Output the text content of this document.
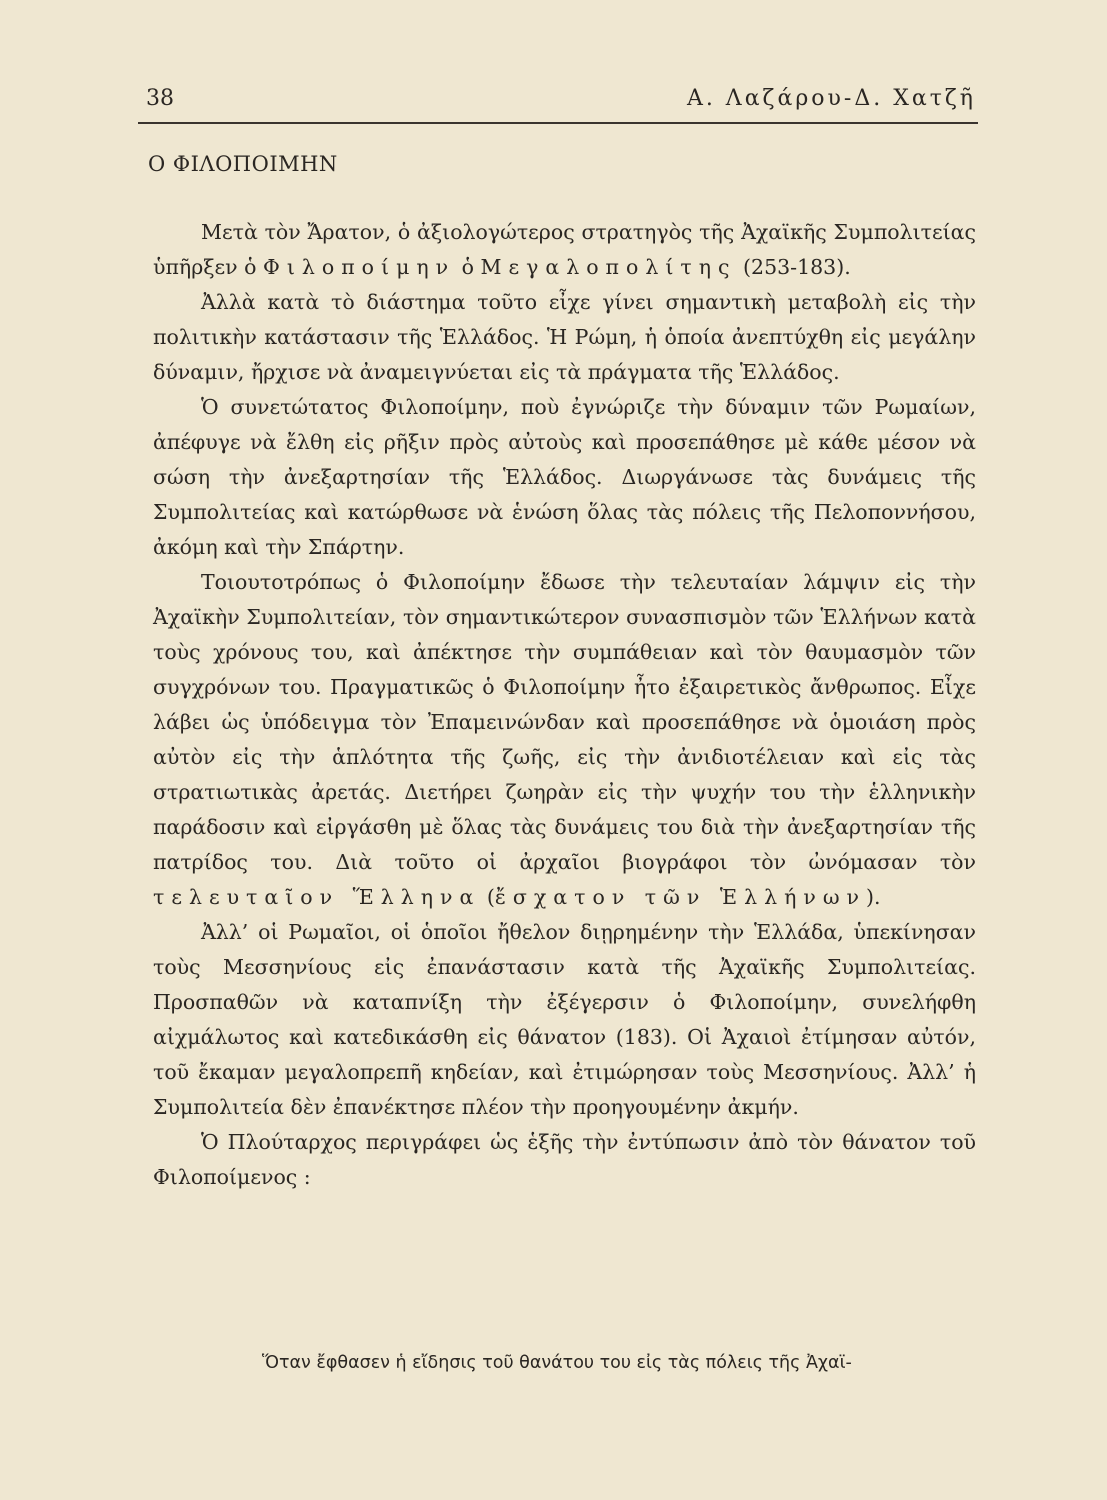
38	Α. Λαζάρου-Δ. Χατζῆ
Ο ΦΙΛΟΠΟΙΜΗΝ

Μετὰ τὸν Ἄρατον, ὁ ἀξιολογώτερος στρατηγὸς τῆς Ἀχαϊκῆς Συμπολιτείας ὑπῆρξεν ὁ Φιλοποίμην ὁ Μεγαλοπολίτης (253-183).

Ἀλλὰ κατὰ τὸ διάστημα τοῦτο εἶχε γίνει σημαντικὴ μεταβολὴ εἰς τὴν πολιτικὴν κατάστασιν τῆς Ἑλλάδος. Ἡ Ρώμη, ἡ ὁποία ἀνεπτύχθη εἰς μεγάλην δύναμιν, ἤρχισε νὰ ἀναμειγνύεται εἰς τὰ πράγματα τῆς Ἑλλάδος.

Ὁ συνετώτατος Φιλοποίμην, ποὺ ἐγνώριζε τὴν δύναμιν τῶν Ρωμαίων, ἀπέφυγε νὰ ἔλθη εἰς ρῆξιν πρὸς αὐτοὺς καὶ προσεπάθησε μὲ κάθε μέσον νὰ σώση τὴν ἀνεξαρτησίαν τῆς Ἑλλάδος. Διωργάνωσε τὰς δυνάμεις τῆς Συμπολιτείας καὶ κατώρθωσε νὰ ἑνώση ὅλας τὰς πόλεις τῆς Πελοποννήσου, ἀκόμη καὶ τὴν Σπάρτην.

Τοιουτοτρόπως ὁ Φιλοποίμην ἔδωσε τὴν τελευταίαν λάμψιν εἰς τὴν Ἀχαϊκὴν Συμπολιτείαν, τὸν σημαντικώτερον συνασπισμὸν τῶν Ἑλλήνων κατὰ τοὺς χρόνους του, καὶ ἀπέκτησε τὴν συμπάθειαν καὶ τὸν θαυμασμὸν τῶν συγχρόνων του. Πραγματικῶς ὁ Φιλοποίμην ἦτο ἐξαιρετικὸς ἄνθρωπος. Εἶχε λάβει ὡς ὑπόδειγμα τὸν Ἐπαμεινώνδαν καὶ προσεπάθησε νὰ ὁμοιάση πρὸς αὐτὸν εἰς τὴν ἁπλότητα τῆς ζωῆς, εἰς τὴν ἀνιδιοτέλειαν καὶ εἰς τὰς στρατιωτικὰς ἀρετάς. Διετήρει ζωηρὰν εἰς τὴν ψυχήν του τὴν ἑλληνικὴν παράδοσιν καὶ εἰργάσθη μὲ ὅλας τὰς δυνάμεις του διὰ τὴν ἀνεξαρτησίαν τῆς πατρίδος του. Διὰ τοῦτο οἱ ἀρχαῖοι βιογράφοι τὸν ὠνόμασαν τὸν τελευταῖον Ἕλληνα (ἔσχατον τῶν Ἑλλήνων).

Ἀλλ’ οἱ Ρωμαῖοι, οἱ ὁποῖοι ἤθελον διῃρημένην τὴν Ἑλλάδα, ὑπεκίνησαν τοὺς Μεσσηνίους εἰς ἐπανάστασιν κατὰ τῆς Ἀχαϊκῆς Συμπολιτείας. Προσπαθῶν νὰ καταπνίξη τὴν ἐξέγερσιν ὁ Φιλοποίμην, συνελήφθη αἰχμάλωτος καὶ κατεδικάσθη εἰς θάνατον (183). Οἱ Ἀχαιοὶ ἐτίμησαν αὐτόν, τοῦ ἔκαμαν μεγαλοπρεπῆ κηδείαν, καὶ ἐτιμώρησαν τοὺς Μεσσηνίους. Ἀλλ’ ἡ Συμπολιτεία δὲν ἐπανέκτησε πλέον τὴν προηγουμένην ἀκμήν.

Ὁ Πλούταρχος περιγράφει ὡς ἑξῆς τὴν ἐντύπωσιν ἀπὸ τὸν θάνατον τοῦ Φιλοποίμενος :

Ὅταν ἔφθασεν ἡ εἴδησις τοῦ θανάτου του εἰς τὰς πόλεις τῆς Ἀχαϊ-
